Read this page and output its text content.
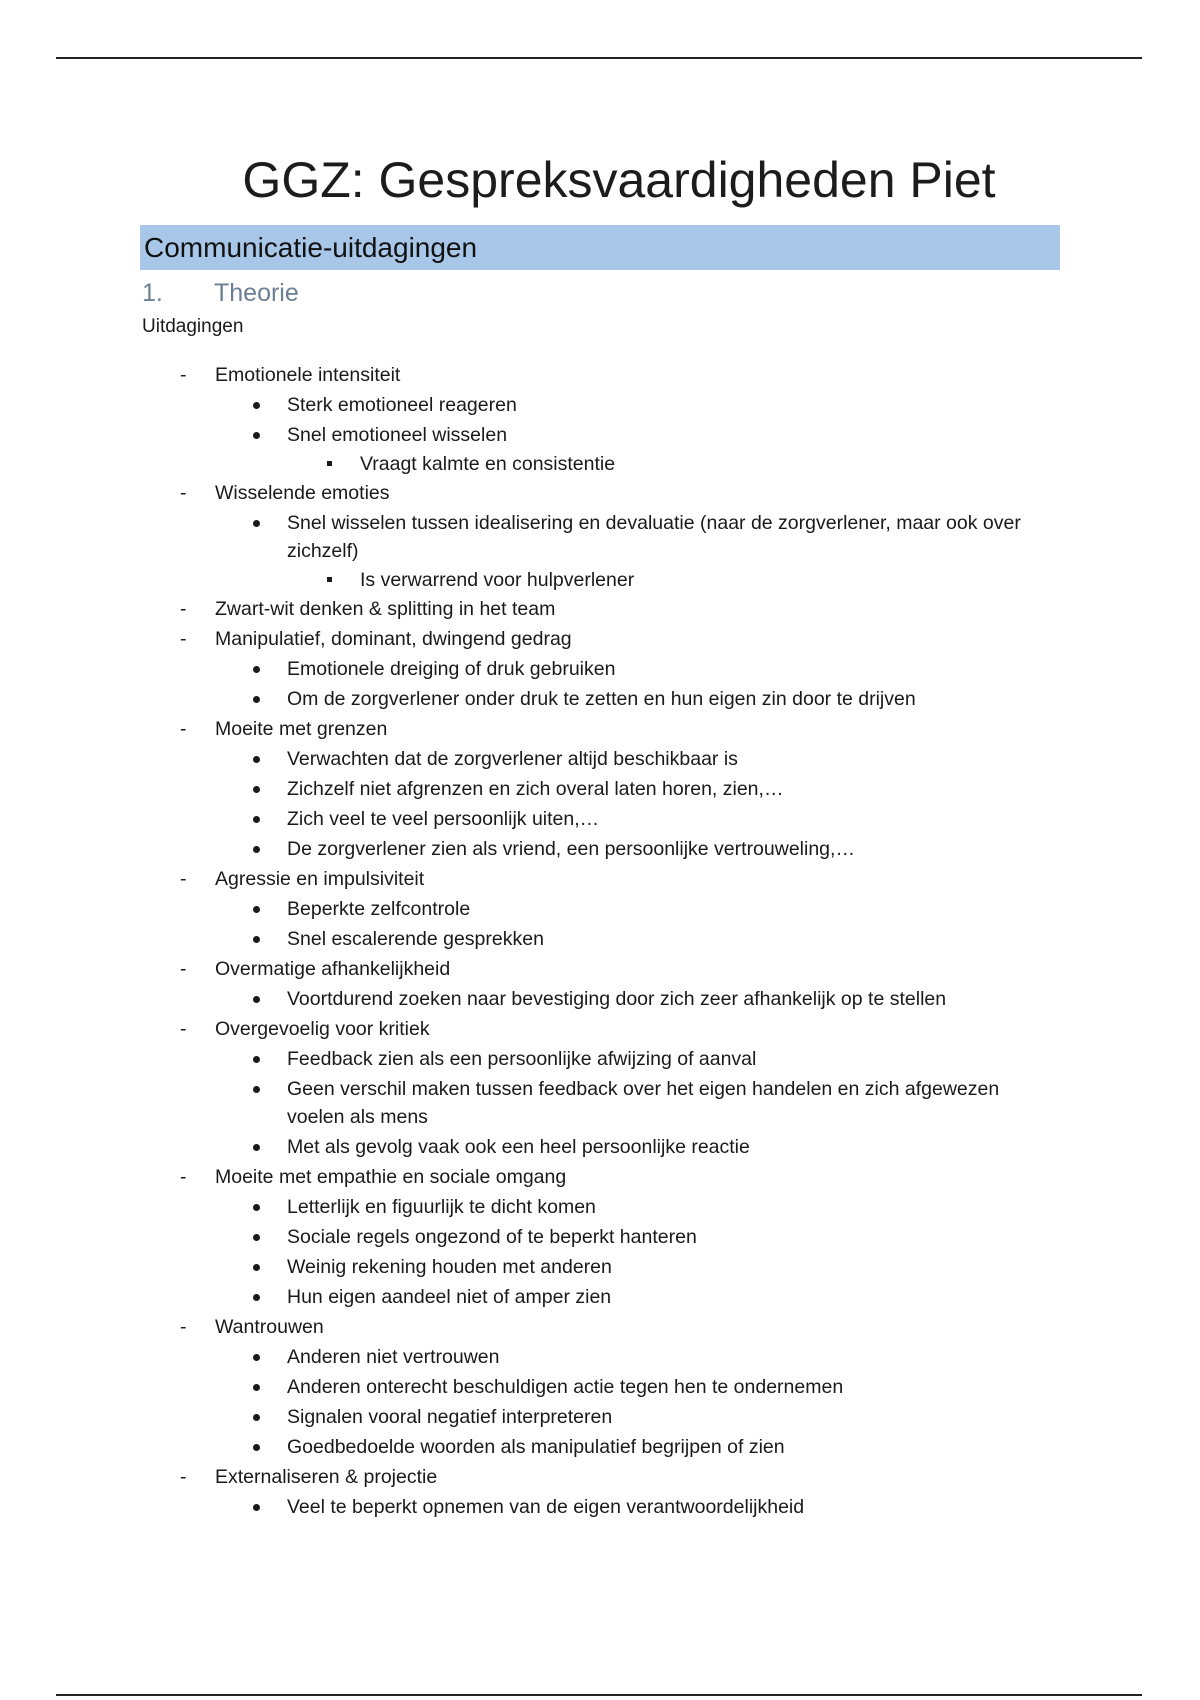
GGZ: Gespreksvaardigheden Piet
Communicatie-uitdagingen
1. Theorie

Uitdagingen

- Emotionele intensiteit
Sterk emotioneel reageren
Snel emotioneel wisselen
Vraagt kalmte en consistentie
- Wisselende emoties
Snel wisselen tussen idealisering en devaluatie (naar de zorgverlener, maar ook over zichzelf)
Is verwarrend voor hulpverlener
- Zwart-wit denken & splitting in het team
- Manipulatief, dominant, dwingend gedrag
Emotionele dreiging of druk gebruiken
Om de zorgverlener onder druk te zetten en hun eigen zin door te drijven
- Moeite met grenzen
Verwachten dat de zorgverlener altijd beschikbaar is
Zichzelf niet afgrenzen en zich overal laten horen, zien,…
Zich veel te veel persoonlijk uiten,…
De zorgverlener zien als vriend, een persoonlijke vertrouweling,…
- Agressie en impulsiviteit
Beperkte zelfcontrole
Snel escalerende gesprekken
- Overmatige afhankelijkheid
Voortdurend zoeken naar bevestiging door zich zeer afhankelijk op te stellen
- Overgevoelig voor kritiek
Feedback zien als een persoonlijke afwijzing of aanval
Geen verschil maken tussen feedback over het eigen handelen en zich afgewezen voelen als mens
Met als gevolg vaak ook een heel persoonlijke reactie
- Moeite met empathie en sociale omgang
Letterlijk en figuurlijk te dicht komen
Sociale regels ongezond of te beperkt hanteren
Weinig rekening houden met anderen
Hun eigen aandeel niet of amper zien
- Wantrouwen
Anderen niet vertrouwen
Anderen onterecht beschuldigen actie tegen hen te ondernemen
Signalen vooral negatief interpreteren
Goedbedoelde woorden als manipulatief begrijpen of zien
- Externaliseren & projectie
Veel te beperkt opnemen van de eigen verantwoordelijkheid
